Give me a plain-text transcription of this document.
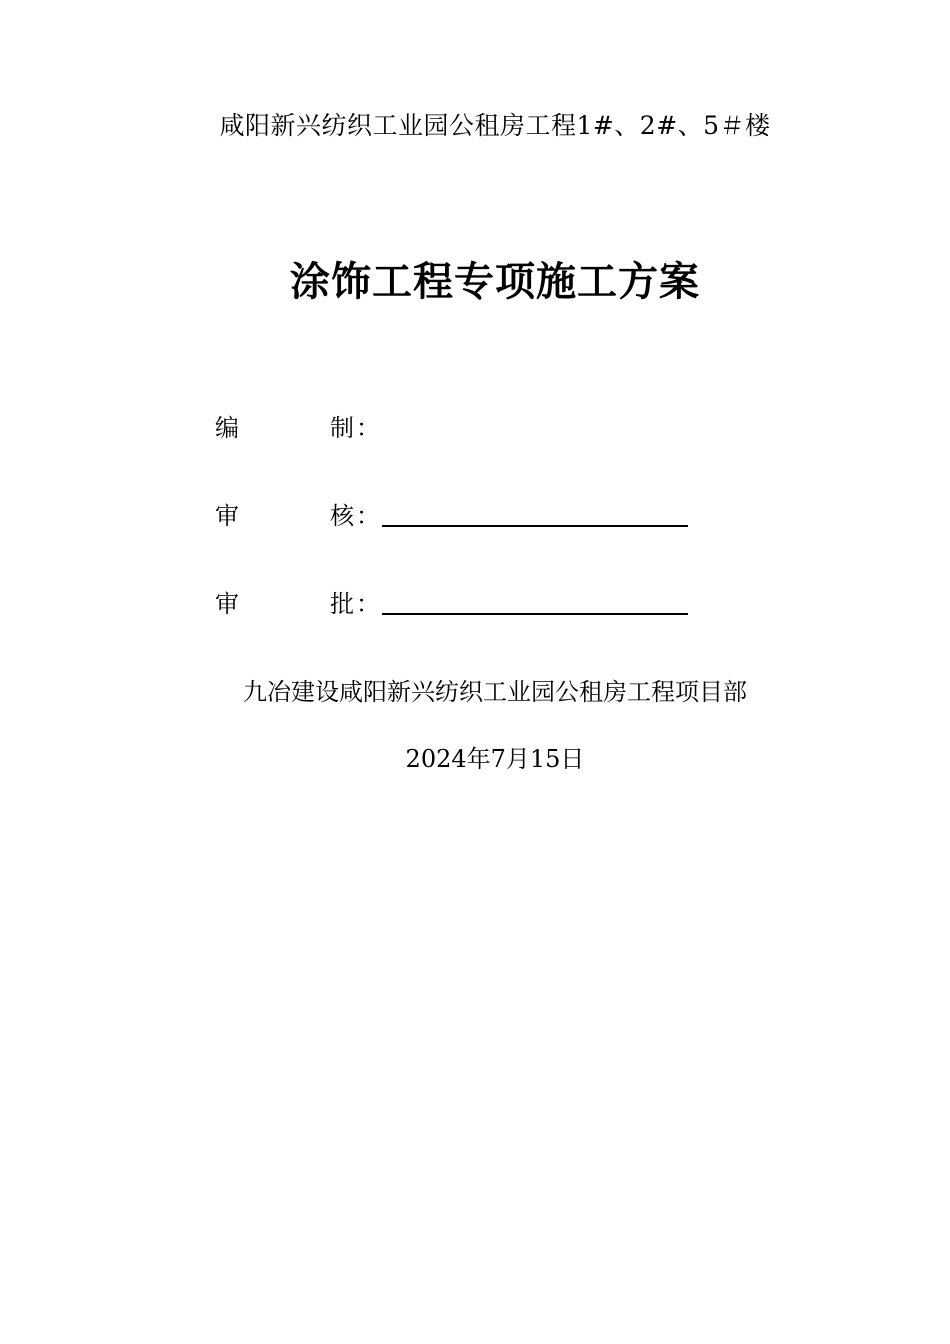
咸阳新兴纺织工业园公租房工程1#、2#、5＃楼
涂饰工程专项施工方案
编	制 ：
审	核 ：
审	批 ：
九冶建设咸阳新兴纺织工业园公租房工程项目部
2024年7月15日
